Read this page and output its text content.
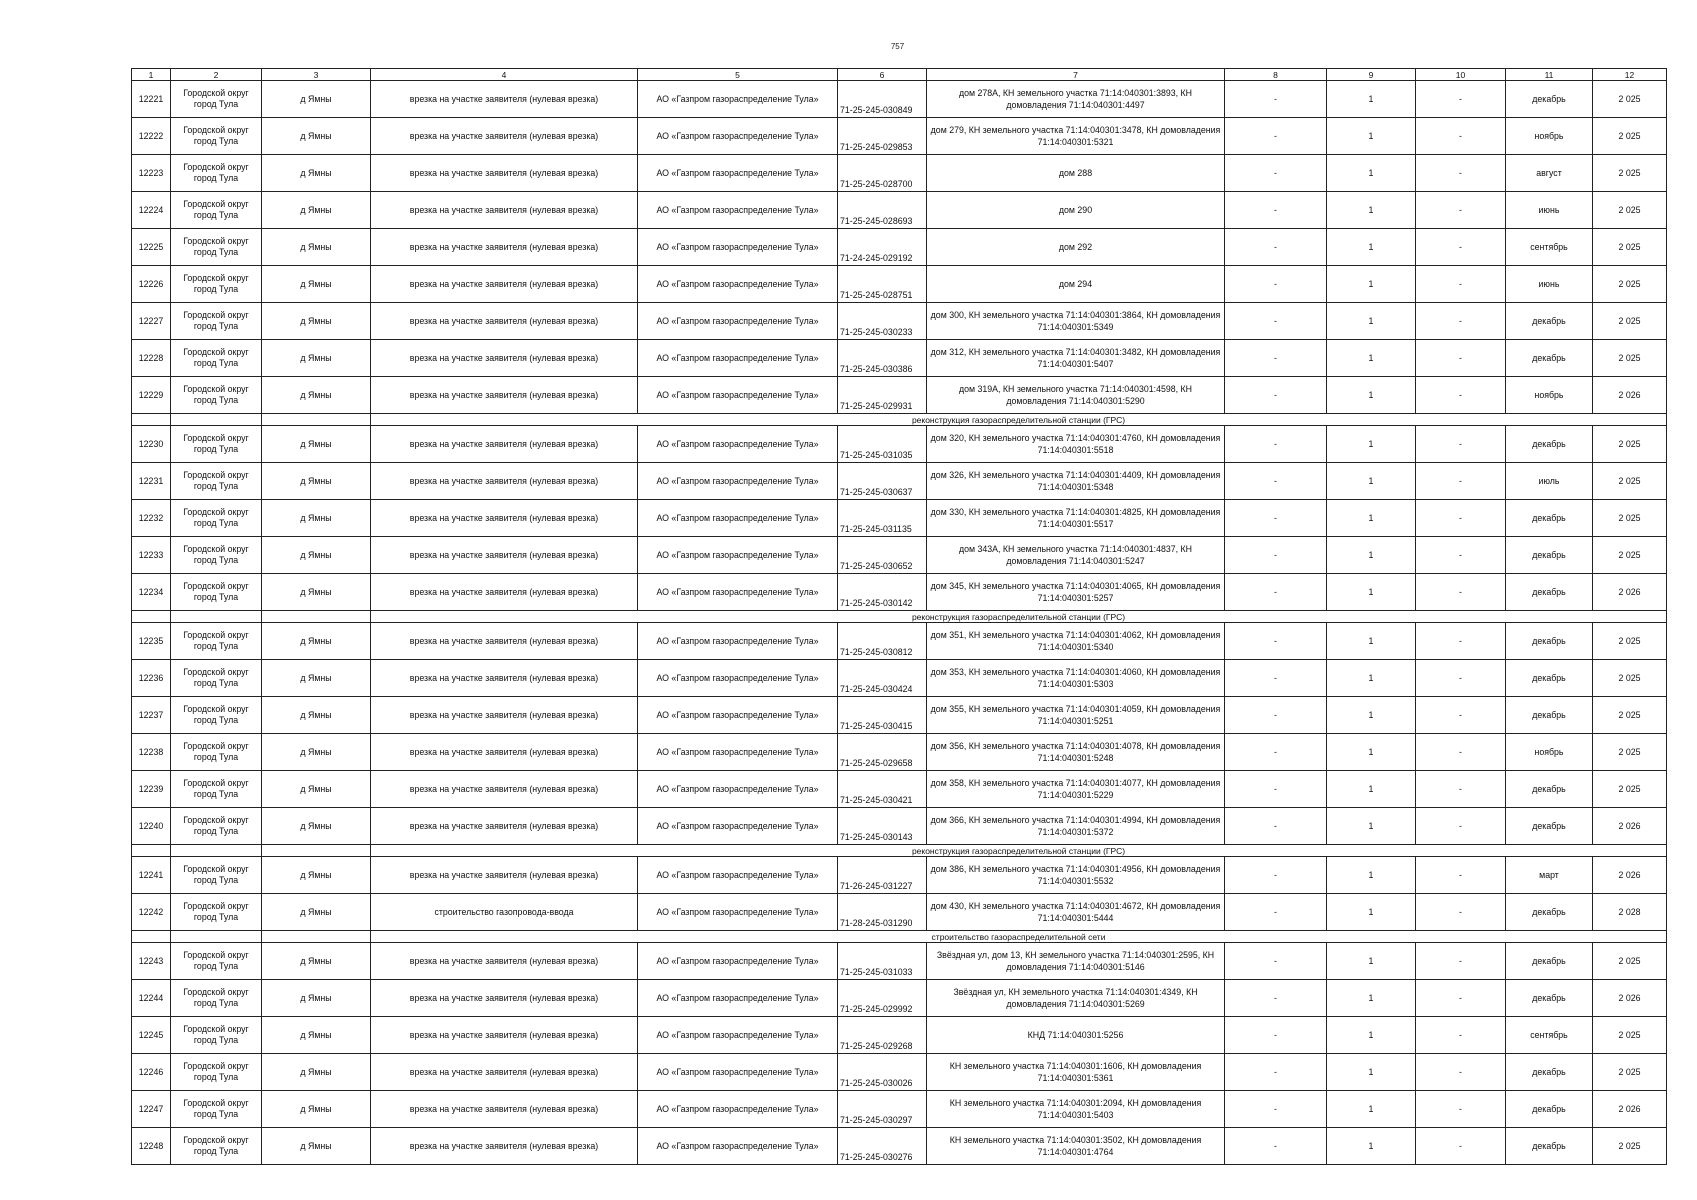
757
1	2	3	4	5	6	7	8	9	10	11	12
12221	Городской округ город Тула	д Ямны	врезка на участке заявителя (нулевая врезка)	АО «Газпром газораспределение Тула»	71-25-245-030849	дом 278А, КН земельного участка 71:14:040301:3893, КН домовладения 71:14:040301:4497	-	1	-	декабрь	2 025
12222	Городской округ город Тула	д Ямны	врезка на участке заявителя (нулевая врезка)	АО «Газпром газораспределение Тула»	71-25-245-029853	дом 279, КН земельного участка 71:14:040301:3478, КН домовладения 71:14:040301:5321	-	1	-	ноябрь	2 025
12223	Городской округ город Тула	д Ямны	врезка на участке заявителя (нулевая врезка)	АО «Газпром газораспределение Тула»	71-25-245-028700	дом 288	-	1	-	август	2 025
12224	Городской округ город Тула	д Ямны	врезка на участке заявителя (нулевая врезка)	АО «Газпром газораспределение Тула»	71-25-245-028693	дом 290	-	1	-	июнь	2 025
12225	Городской округ город Тула	д Ямны	врезка на участке заявителя (нулевая врезка)	АО «Газпром газораспределение Тула»	71-24-245-029192	дом 292	-	1	-	сентябрь	2 025
12226	Городской округ город Тула	д Ямны	врезка на участке заявителя (нулевая врезка)	АО «Газпром газораспределение Тула»	71-25-245-028751	дом 294	-	1	-	июнь	2 025
12227	Городской округ город Тула	д Ямны	врезка на участке заявителя (нулевая врезка)	АО «Газпром газораспределение Тула»	71-25-245-030233	дом 300, КН земельного участка 71:14:040301:3864, КН домовладения 71:14:040301:5349	-	1	-	декабрь	2 025
12228	Городской округ город Тула	д Ямны	врезка на участке заявителя (нулевая врезка)	АО «Газпром газораспределение Тула»	71-25-245-030386	дом 312, КН земельного участка 71:14:040301:3482, КН домовладения 71:14:040301:5407	-	1	-	декабрь	2 025
12229	Городской округ город Тула	д Ямны	врезка на участке заявителя (нулевая врезка)	АО «Газпром газораспределение Тула»	71-25-245-029931	дом 319А, КН земельного участка 71:14:040301:4598, КН домовладения 71:14:040301:5290	-	1	-	ноябрь	2 026
			реконструкция газораспределительной станции (ГРС)								
12230	Городской округ город Тула	д Ямны	врезка на участке заявителя (нулевая врезка)	АО «Газпром газораспределение Тула»	71-25-245-031035	дом 320, КН земельного участка 71:14:040301:4760, КН домовладения 71:14:040301:5518	-	1	-	декабрь	2 025
12231	Городской округ город Тула	д Ямны	врезка на участке заявителя (нулевая врезка)	АО «Газпром газораспределение Тула»	71-25-245-030637	дом 326, КН земельного участка 71:14:040301:4409, КН домовладения 71:14:040301:5348	-	1	-	июль	2 025
12232	Городской округ город Тула	д Ямны	врезка на участке заявителя (нулевая врезка)	АО «Газпром газораспределение Тула»	71-25-245-031135	дом 330, КН земельного участка 71:14:040301:4825, КН домовладения 71:14:040301:5517	-	1	-	декабрь	2 025
12233	Городской округ город Тула	д Ямны	врезка на участке заявителя (нулевая врезка)	АО «Газпром газораспределение Тула»	71-25-245-030652	дом 343А, КН земельного участка 71:14:040301:4837, КН домовладения 71:14:040301:5247	-	1	-	декабрь	2 025
12234	Городской округ город Тула	д Ямны	врезка на участке заявителя (нулевая врезка)	АО «Газпром газораспределение Тула»	71-25-245-030142	дом 345, КН земельного участка 71:14:040301:4065, КН домовладения 71:14:040301:5257	-	1	-	декабрь	2 026
			реконструкция газораспределительной станции (ГРС)								
12235	Городской округ город Тула	д Ямны	врезка на участке заявителя (нулевая врезка)	АО «Газпром газораспределение Тула»	71-25-245-030812	дом 351, КН земельного участка 71:14:040301:4062, КН домовладения 71:14:040301:5340	-	1	-	декабрь	2 025
12236	Городской округ город Тула	д Ямны	врезка на участке заявителя (нулевая врезка)	АО «Газпром газораспределение Тула»	71-25-245-030424	дом 353, КН земельного участка 71:14:040301:4060, КН домовладения 71:14:040301:5303	-	1	-	декабрь	2 025
12237	Городской округ город Тула	д Ямны	врезка на участке заявителя (нулевая врезка)	АО «Газпром газораспределение Тула»	71-25-245-030415	дом 355, КН земельного участка 71:14:040301:4059, КН домовладения 71:14:040301:5251	-	1	-	декабрь	2 025
12238	Городской округ город Тула	д Ямны	врезка на участке заявителя (нулевая врезка)	АО «Газпром газораспределение Тула»	71-25-245-029658	дом 356, КН земельного участка 71:14:040301:4078, КН домовладения 71:14:040301:5248	-	1	-	ноябрь	2 025
12239	Городской округ город Тула	д Ямны	врезка на участке заявителя (нулевая врезка)	АО «Газпром газораспределение Тула»	71-25-245-030421	дом 358, КН земельного участка 71:14:040301:4077, КН домовладения 71:14:040301:5229	-	1	-	декабрь	2 025
12240	Городской округ город Тула	д Ямны	врезка на участке заявителя (нулевая врезка)	АО «Газпром газораспределение Тула»	71-25-245-030143	дом 366, КН земельного участка 71:14:040301:4994, КН домовладения 71:14:040301:5372	-	1	-	декабрь	2 026
			реконструкция газораспределительной станции (ГРС)								
12241	Городской округ город Тула	д Ямны	врезка на участке заявителя (нулевая врезка)	АО «Газпром газораспределение Тула»	71-26-245-031227	дом 386, КН земельного участка 71:14:040301:4956, КН домовладения 71:14:040301:5532	-	1	-	март	2 026
12242	Городской округ город Тула	д Ямны	строительство газопровода-ввода	АО «Газпром газораспределение Тула»	71-28-245-031290	дом 430, КН земельного участка 71:14:040301:4672, КН домовладения 71:14:040301:5444	-	1	-	декабрь	2 028
			строительство газораспределительной сети								
12243	Городской округ город Тула	д Ямны	врезка на участке заявителя (нулевая врезка)	АО «Газпром газораспределение Тула»	71-25-245-031033	Звёздная ул, дом 13, КН земельного участка 71:14:040301:2595, КН домовладения 71:14:040301:5146	-	1	-	декабрь	2 025
12244	Городской округ город Тула	д Ямны	врезка на участке заявителя (нулевая врезка)	АО «Газпром газораспределение Тула»	71-25-245-029992	Звёздная ул, КН земельного участка 71:14:040301:4349, КН домовладения 71:14:040301:5269	-	1	-	декабрь	2 026
12245	Городской округ город Тула	д Ямны	врезка на участке заявителя (нулевая врезка)	АО «Газпром газораспределение Тула»	71-25-245-029268	КНД 71:14:040301:5256	-	1	-	сентябрь	2 025
12246	Городской округ город Тула	д Ямны	врезка на участке заявителя (нулевая врезка)	АО «Газпром газораспределение Тула»	71-25-245-030026	КН земельного участка 71:14:040301:1606, КН домовладения 71:14:040301:5361	-	1	-	декабрь	2 025
12247	Городской округ город Тула	д Ямны	врезка на участке заявителя (нулевая врезка)	АО «Газпром газораспределение Тула»	71-25-245-030297	КН земельного участка 71:14:040301:2094, КН домовладения 71:14:040301:5403	-	1	-	декабрь	2 026
12248	Городской округ город Тула	д Ямны	врезка на участке заявителя (нулевая врезка)	АО «Газпром газораспределение Тула»	71-25-245-030276	КН земельного участка 71:14:040301:3502, КН домовладения 71:14:040301:4764	-	1	-	декабрь	2 025
